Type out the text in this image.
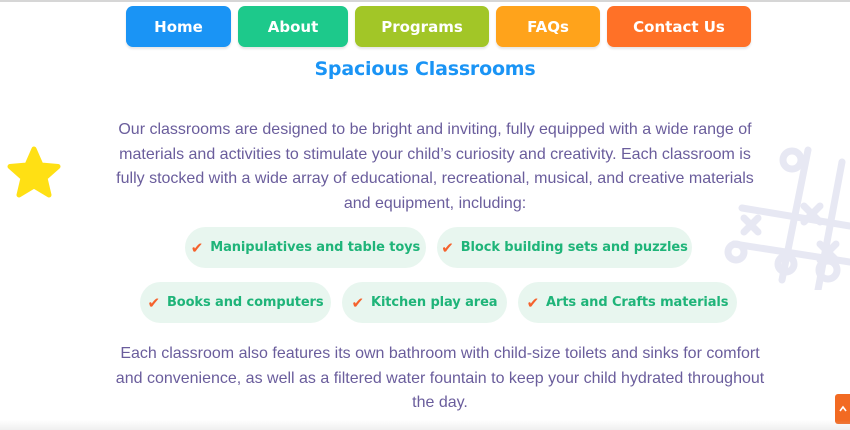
Home	About	Programs	FAQs	Contact Us
Spacious Classrooms

Our classrooms are designed to be bright and inviting, fully equipped with a wide range of materials and activities to stimulate your child’s curiosity and creativity. Each classroom is fully stocked with a wide array of educational, recreational, musical, and creative materials and equipment, including:

✔ Manipulatives and table toys ✔ Block building sets and puzzles
✔ Books and computers ✔ Kitchen play area ✔ Arts and Crafts materials

Each classroom also features its own bathroom with child-size toilets and sinks for comfort and convenience, as well as a filtered water fountain to keep your child hydrated throughout the day.
